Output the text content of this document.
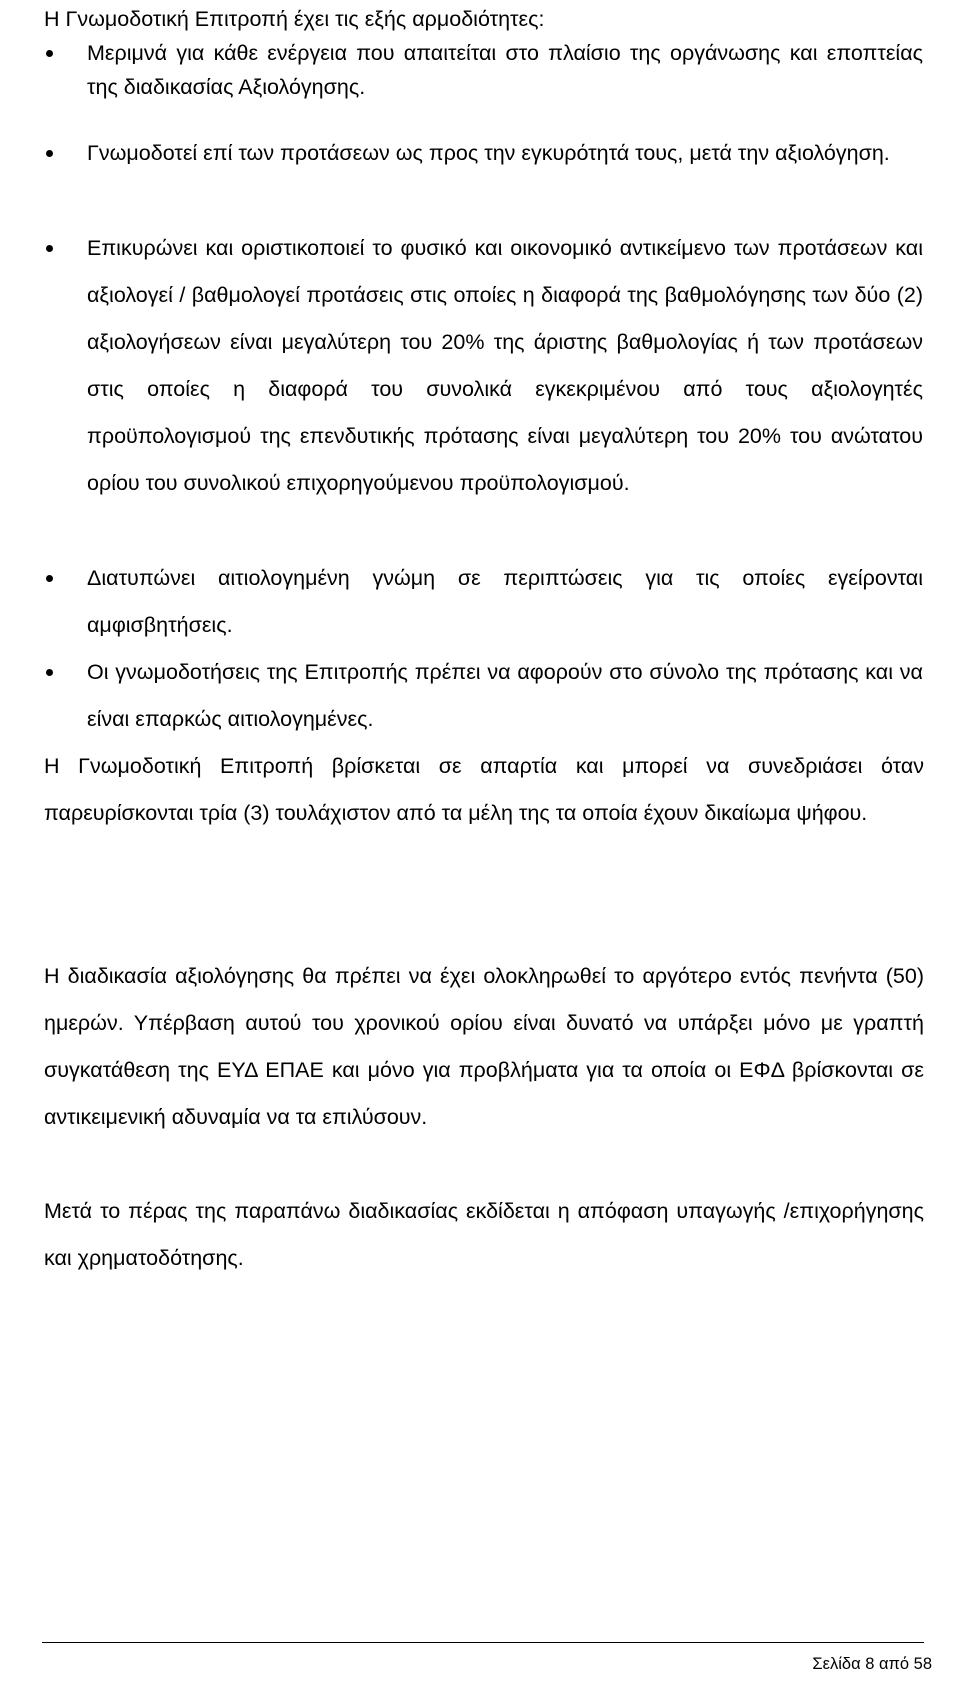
Η Γνωμοδοτική Επιτροπή έχει τις εξής αρμοδιότητες:
Μεριμνά για κάθε ενέργεια που απαιτείται στο πλαίσιο της οργάνωσης και εποπτείας της διαδικασίας Αξιολόγησης.
Γνωμοδοτεί επί των προτάσεων ως προς την εγκυρότητά τους, μετά την αξιολόγηση.
Επικυρώνει και οριστικοποιεί το φυσικό και οικονομικό αντικείμενο των προτάσεων και αξιολογεί / βαθμολογεί προτάσεις στις οποίες η διαφορά της βαθμολόγησης των δύο (2) αξιολογήσεων είναι μεγαλύτερη του 20% της άριστης βαθμολογίας ή των προτάσεων στις οποίες η διαφορά του συνολικά εγκεκριμένου από τους αξιολογητές προϋπολογισμού της επενδυτικής πρότασης είναι μεγαλύτερη του 20% του ανώτατου ορίου του συνολικού επιχορηγούμενου προϋπολογισμού.
Διατυπώνει αιτιολογημένη γνώμη σε περιπτώσεις για τις οποίες εγείρονται αμφισβητήσεις.
Οι γνωμοδοτήσεις της Επιτροπής πρέπει να αφορούν στο σύνολο της πρότασης και να είναι επαρκώς αιτιολογημένες.

Η Γνωμοδοτική Επιτροπή βρίσκεται σε απαρτία και μπορεί να συνεδριάσει όταν παρευρίσκονται τρία (3) τουλάχιστον από τα μέλη της τα οποία έχουν δικαίωμα ψήφου.

Η διαδικασία αξιολόγησης θα πρέπει να έχει ολοκληρωθεί το αργότερο εντός πενήντα (50) ημερών. Υπέρβαση αυτού του χρονικού ορίου είναι δυνατό να υπάρξει μόνο με γραπτή συγκατάθεση της ΕΥΔ ΕΠΑΕ και μόνο για προβλήματα για τα οποία οι ΕΦΔ βρίσκονται σε αντικειμενική αδυναμία να τα επιλύσουν.

Μετά το πέρας της παραπάνω διαδικασίας εκδίδεται η απόφαση υπαγωγής /επιχορήγησης και χρηματοδότησης.

Σελίδα 8 από 58
